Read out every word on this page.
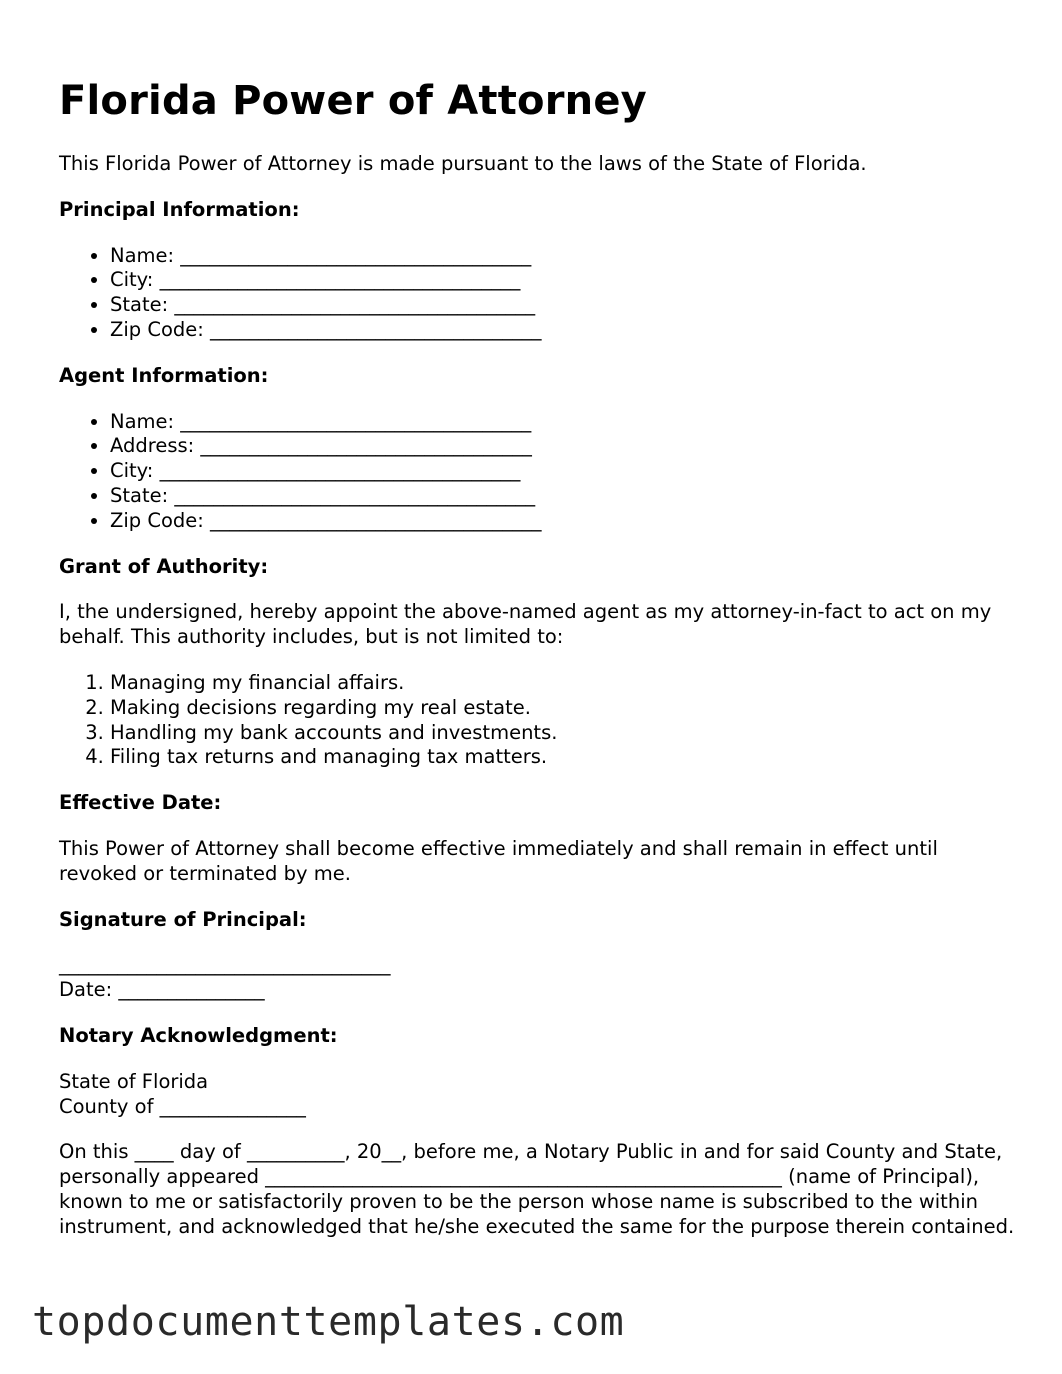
Florida Power of Attorney

This Florida Power of Attorney is made pursuant to the laws of the State of Florida.

Principal Information:
• Name: ____________________________________
• City: _____________________________________
• State: _____________________________________
• Zip Code: __________________________________
Agent Information:
• Name: ____________________________________
• Address: __________________________________
• City: _____________________________________
• State: _____________________________________
• Zip Code: __________________________________
Grant of Authority:

I, the undersigned, hereby appoint the above-named agent as my attorney-in-fact to act on my behalf. This authority includes, but is not limited to:

1. Managing my financial affairs.
2. Making decisions regarding my real estate.
3. Handling my bank accounts and investments.
4. Filing tax returns and managing tax matters.
Effective Date:

This Power of Attorney shall become effective immediately and shall remain in effect until revoked or terminated by me.

Signature of Principal:
__________________________________
Date: _______________
Notary Acknowledgment:
State of Florida
County of _______________

On this ____ day of __________, 20__, before me, a Notary Public in and for said County and State, personally appeared _____________________________________________________ (name of Principal), known to me or satisfactorily proven to be the person whose name is subscribed to the within instrument, and acknowledged that he/she executed the same for the purpose therein contained.

topdocumenttemplates.com
